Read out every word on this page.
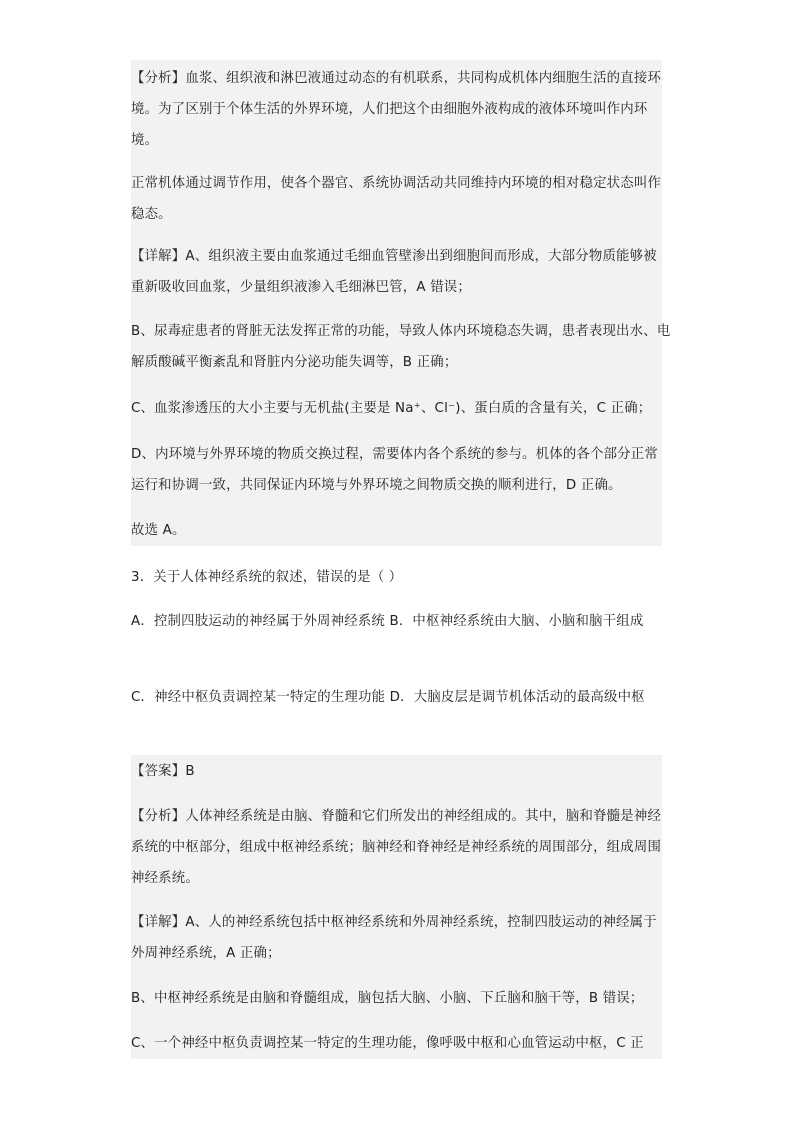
【分析】血浆、组织液和淋巴液通过动态的有机联系，共同构成机体内细胞生活的直接环境。为了区别于个体生活的外界环境，人们把这个由细胞外液构成的液体环境叫作内环境。

正常机体通过调节作用，使各个器官、系统协调活动共同维持内环境的相对稳定状态叫作稳态。

【详解】A、组织液主要由血浆通过毛细血管壁渗出到细胞间而形成，大部分物质能够被重新吸收回血浆，少量组织液渗入毛细淋巴管，A 错误；

B、尿毒症患者的肾脏无法发挥正常的功能，导致人体内环境稳态失调，患者表现出水、电解质酸碱平衡紊乱和肾脏内分泌功能失调等，B 正确；

C、血浆渗透压的大小主要与无机盐(主要是 Na⁺、Cl⁻)、蛋白质的含量有关，C 正确；

D、内环境与外界环境的物质交换过程，需要体内各个系统的参与。机体的各个部分正常运行和协调一致，共同保证内环境与外界环境之间物质交换的顺利进行，D 正确。

故选 A。

3．关于人体神经系统的叙述，错误的是（ ）

A．控制四肢运动的神经属于外周神经系统 B．中枢神经系统由大脑、小脑和脑干组成

C．神经中枢负责调控某一特定的生理功能 D．大脑皮层是调节机体活动的最高级中枢

【答案】B

【分析】人体神经系统是由脑、脊髓和它们所发出的神经组成的。其中，脑和脊髓是神经系统的中枢部分，组成中枢神经系统；脑神经和脊神经是神经系统的周围部分，组成周围神经系统。

【详解】A、人的神经系统包括中枢神经系统和外周神经系统，控制四肢运动的神经属于外周神经系统，A 正确；

B、中枢神经系统是由脑和脊髓组成，脑包括大脑、小脑、下丘脑和脑干等，B 错误；

C、一个神经中枢负责调控某一特定的生理功能，像呼吸中枢和心血管运动中枢，C 正
